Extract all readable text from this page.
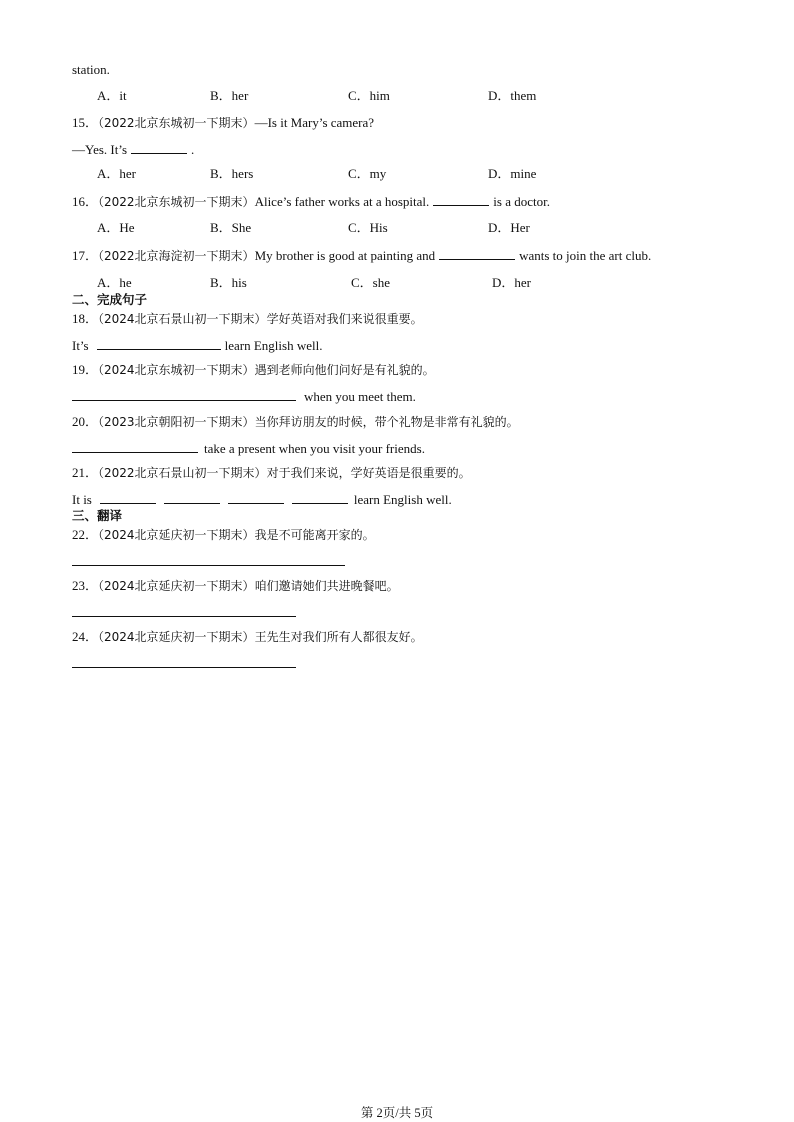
station.
A．it	B．her	C．him	D．them
15．（2022北京东城初一下期末）—Is it Mary’s camera?
—Yes. It’s	.
A．her	B．hers	C．my	D．mine
16．（2022北京东城初一下期末）Alice’s father works at a hospital.	is a doctor.
A．He	B．She	C．His	D．Her
17．（2022北京海淀初一下期末）My brother is good at painting and	wants to join the art club.
A．he	B．his	C．she	D．her
二、完成句子
18．（2024北京石景山初一下期末）学好英语对我们来说很重要。
It’s	learn English well.
19．（2024北京东城初一下期末）遇到老师向他们问好是有礼貌的。
when you meet them.
20．（2023北京朝阳初一下期末）当你拜访朋友的时候，带个礼物是非常有礼貌的。
take a present when you visit your friends.
21．（2022北京石景山初一下期末）对于我们来说，学好英语是很重要的。
It is	learn English well.
三、翻译
22．（2024北京延庆初一下期末）我是不可能离开家的。
23．（2024北京延庆初一下期末）咱们邀请她们共进晚餐吧。
24．（2024北京延庆初一下期末）王先生对我们所有人都很友好。
第 2页/共 5页
